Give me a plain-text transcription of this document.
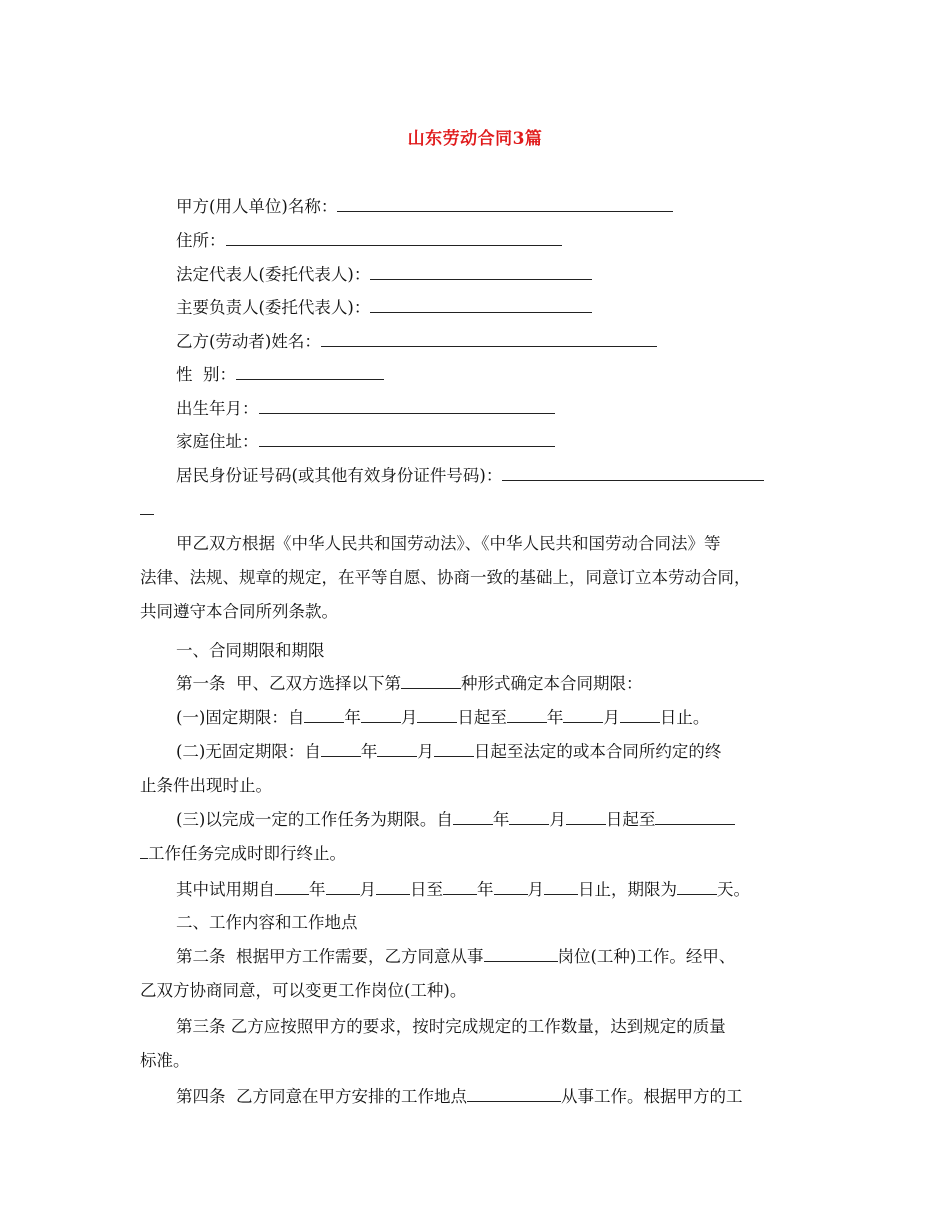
山东劳动合同3篇
甲方(用人单位)名称：
住所：
法定代表人(委托代表人)：
主要负责人(委托代表人)：
乙方(劳动者)姓名：
性  别：
出生年月：
家庭住址：
居民身份证号码(或其他有效身份证件号码)：
甲乙双方根据《中华人民共和国劳动法》、《中华人民共和国劳动合同法》等
法律、法规、规章的规定，在平等自愿、协商一致的基础上，同意订立本劳动合同，
共同遵守本合同所列条款。
一、合同期限和期限
第一条  甲、乙双方选择以下第	种形式确定本合同期限：
(一)固定期限：自 年 月 日起至 年 月 日止。
(二)无固定期限：自 年 月 日起至法定的或本合同所约定的终
止条件出现时止。
(三)以完成一定的工作任务为期限。自 年 月 日起至
工作任务完成时即行终止。
其中试用期自 年 月 日至 年 月 日止，期限为 天。
二、工作内容和工作地点
第二条  根据甲方工作需要，乙方同意从事	岗位(工种)工作。经甲、
乙双方协商同意，可以变更工作岗位(工种)。
第三条 乙方应按照甲方的要求，按时完成规定的工作数量，达到规定的质量
标准。
第四条  乙方同意在甲方安排的工作地点	从事工作。根据甲方的工
